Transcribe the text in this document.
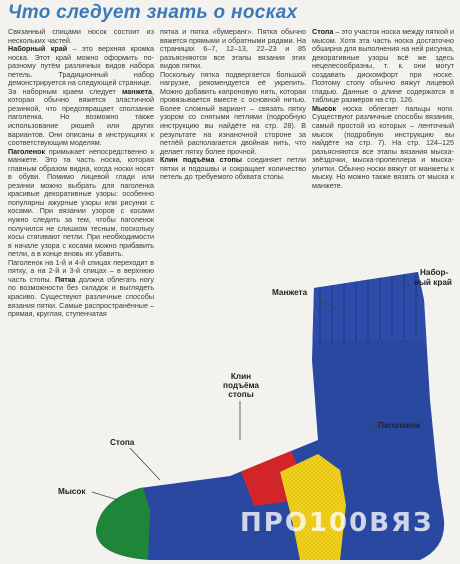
Что следует знать о носках

Связанный спицами носок состоит из нескольких частей.

Наборный край – это верхняя кромка носка. Этот край можно оформить по-разному путём различных видов набора петель. Традиционный набор демонстрируется на следующей странице.

За наборным краем следует манжета, которая обычно вяжется эластичной резинкой, что предотвращает сползание паголенка. Но возможно также использование рюшей или других вариантов. Они описаны в инструкциях к соответствующим моделям.

Паголенок примыкает непосредственно к манжете. Это та часть носка, которая главным образом видна, когда носки носят в обуви. Помимо лицевой глади или резинки можно выбрать для паголенка красивые декоративные узоры: особенно популярны ажурные узоры или рисунки с косами. При вязании узоров с косами нужно следить за тем, чтобы паголенок получился не слишком тесным, поскольку косы стягивают петли. При необходимости в начале узора с косами можно прибавить петли, а в конце вновь их убавить.

Паголенок на 1-й и 4-й спицах переходит в пятку, а на 2-й и 3-й спицах – в верхнюю часть стопы. Пятка должна облегать ногу по возможности без складок и выглядеть красиво. Существуют различные способы вязания пятки. Самые распространённые – прямая, круглая, ступенчатая

пятка и пятка «бумеранг». Пятка обычно вяжется прямыми и обратными рядами. На страницах 6–7, 12–13, 22–23 и 85 разъясняются все этапы вязания этих видов пятки.

Поскольку пятка подвергается большой нагрузке, рекомендуется её укрепить. Можно добавить капроновую нить, которая провязывается вместе с основной нитью. Более сложный вариант – связать пятку узором со снятыми петлями (подробную инструкцию вы найдёте на стр. 28). В результате на изнаночной стороне за петлёй располагается двойная нить, что делает пятку более прочной.

Клин подъёма стопы соединяет петли пятки и подошвы и сокращает количество петель до требуемого обхвата стопы.

Стопа – это участок носка между пяткой и мысом. Хотя эта часть носка достаточно обширна для выполнения на ней рисунка, декоративные узоры всё же здесь нецелесообразны, т. к. они могут создавать дискомфорт при носке. Поэтому стопу обычно вяжут лицевой гладью. Данные о длине содержатся в таблице размеров на стр. 126.

Мысок носка облегает пальцы ноги. Существуют различные способы вязания, самый простой из которых – ленточный мысок (подробную инструкцию вы найдёте на стр. 7). На стр. 124–125 разъясняются все этапы вязания мыска-звёздочки, мыска-пропеллера и мыска-улитки. Обычно носки вяжут от манжеты к мыску. Но можно также вязать от мыска к манжете.

Набор-
ный край
Манжета
Клин
подъёма
стопы
Стопа
Паголенок
Мысок
ПРО100ВЯЗ
